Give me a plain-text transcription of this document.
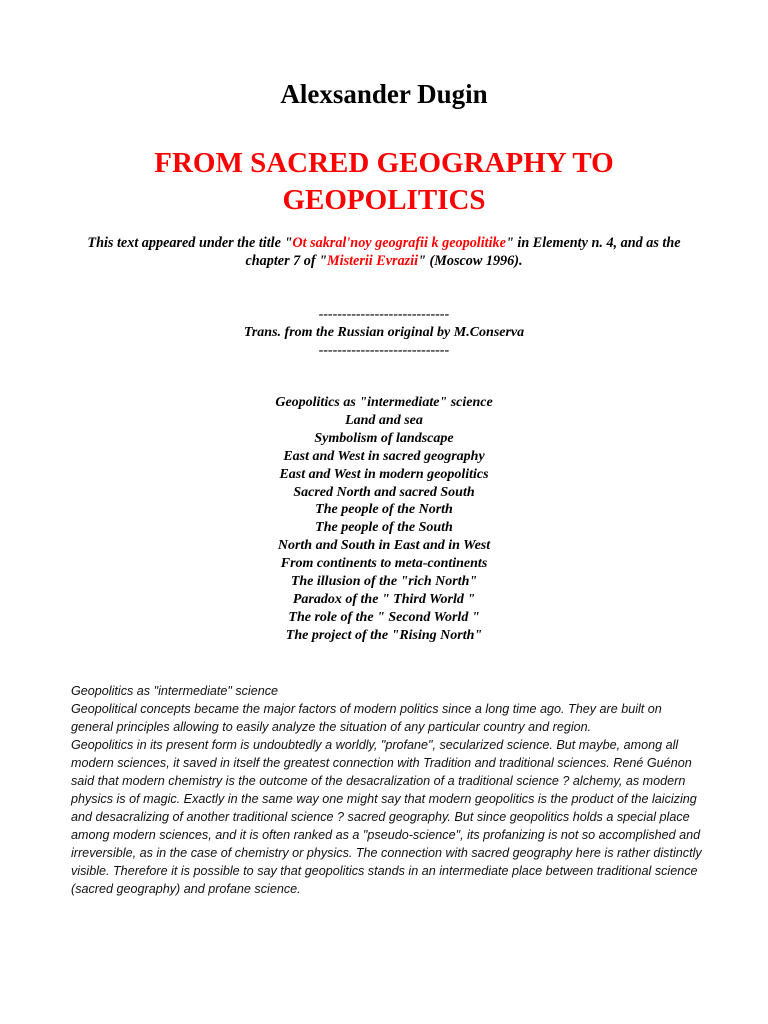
Alexsander Dugin
FROM SACRED GEOGRAPHY TO
GEOPOLITICS
This text appeared under the title "Ot sakral'noy geografii k geopolitike" in Elementy n. 4, and as the chapter 7 of "Misterii Evrazii" (Moscow 1996).
----------------------------
Trans. from the Russian original by M.Conserva
----------------------------
Geopolitics as "intermediate" science
Land and sea
Symbolism of landscape
East and West in sacred geography
East and West in modern geopolitics
Sacred North and sacred South
The people of the North
The people of the South
North and South in East and in West
From continents to meta-continents
The illusion of the "rich North"
Paradox of the " Third World "
The role of the " Second World "
The project of the "Rising North"

Geopolitics as "intermediate" science

Geopolitical concepts became the major factors of modern politics since a long time ago. They are built on general principles allowing to easily analyze the situation of any particular country and region.

Geopolitics in its present form is undoubtedly a worldly, "profane", secularized science. But maybe, among all modern sciences, it saved in itself the greatest connection with Tradition and traditional sciences. René Guénon said that modern chemistry is the outcome of the desacralization of a traditional science ? alchemy, as modern physics is of magic. Exactly in the same way one might say that modern geopolitics is the product of the laicizing and desacralizing of another traditional science ? sacred geography. But since geopolitics holds a special place among modern sciences, and it is often ranked as a "pseudo-science", its profanizing is not so accomplished and irreversible, as in the case of chemistry or physics. The connection with sacred geography here is rather distinctly visible. Therefore it is possible to say that geopolitics stands in an intermediate place between traditional science (sacred geography) and profane science.
